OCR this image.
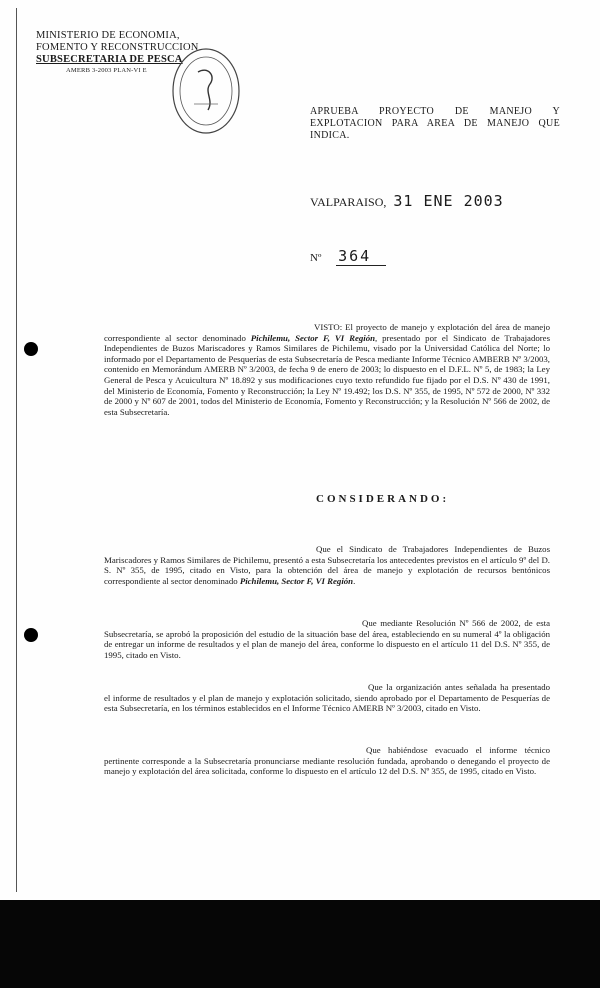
MINISTERIO DE ECONOMIA,
FOMENTO Y RECONSTRUCCION
SUBSECRETARIA DE PESCA
AMERB 3-2003 PLAN-VI E
APRUEBA PROYECTO DE MANEJO Y EXPLOTACION PARA AREA DE MANEJO QUE INDICA.
VALPARAISO, 31 ENE 2003
Nº 364
VISTO: El proyecto de manejo y explotación del área de manejo correspondiente al sector denominado Pichilemu, Sector F, VI Región, presentado por el Sindicato de Trabajadores Independientes de Buzos Mariscadores y Ramos Similares de Pichilemu, visado por la Universidad Católica del Norte; lo informado por el Departamento de Pesquerías de esta Subsecretaría de Pesca mediante Informe Técnico AMBERB Nº 3/2003, contenido en Memorándum AMERB Nº 3/2003, de fecha 9 de enero de 2003; lo dispuesto en el D.F.L. Nº 5, de 1983; la Ley General de Pesca y Acuicultura Nº 18.892 y sus modificaciones cuyo texto refundido fue fijado por el D.S. Nº 430 de 1991, del Ministerio de Economía, Fomento y Reconstrucción; la Ley Nº 19.492; los D.S. Nº 355, de 1995, Nº 572 de 2000, Nº 332 de 2000 y Nº 607 de 2001, todos del Ministerio de Economía, Fomento y Reconstrucción; y la Resolución Nº 566 de 2002, de esta Subsecretaría.
CONSIDERANDO:
Que el Sindicato de Trabajadores Independientes de Buzos Mariscadores y Ramos Similares de Pichilemu, presentó a esta Subsecretaría los antecedentes previstos en el artículo 9º del D. S. Nº 355, de 1995, citado en Visto, para la obtención del área de manejo y explotación de recursos bentónicos correspondiente al sector denominado Pichilemu, Sector F, VI Región.
Que mediante Resolución Nº 566 de 2002, de esta Subsecretaría, se aprobó la proposición del estudio de la situación base del área, estableciendo en su numeral 4º la obligación de entregar un informe de resultados y el plan de manejo del área, conforme lo dispuesto en el artículo 11 del D.S. Nº 355, de 1995, citado en Visto.
Que la organización antes señalada ha presentado el informe de resultados y el plan de manejo y explotación solicitado, siendo aprobado por el Departamento de Pesquerías de esta Subsecretaría, en los términos establecidos en el Informe Técnico AMERB Nº 3/2003, citado en Visto.
Que habiéndose evacuado el informe técnico pertinente corresponde a la Subsecretaría pronunciarse mediante resolución fundada, aprobando o denegando el proyecto de manejo y explotación del área solicitada, conforme lo dispuesto en el artículo 12 del D.S. Nº 355, de 1995, citado en Visto.
